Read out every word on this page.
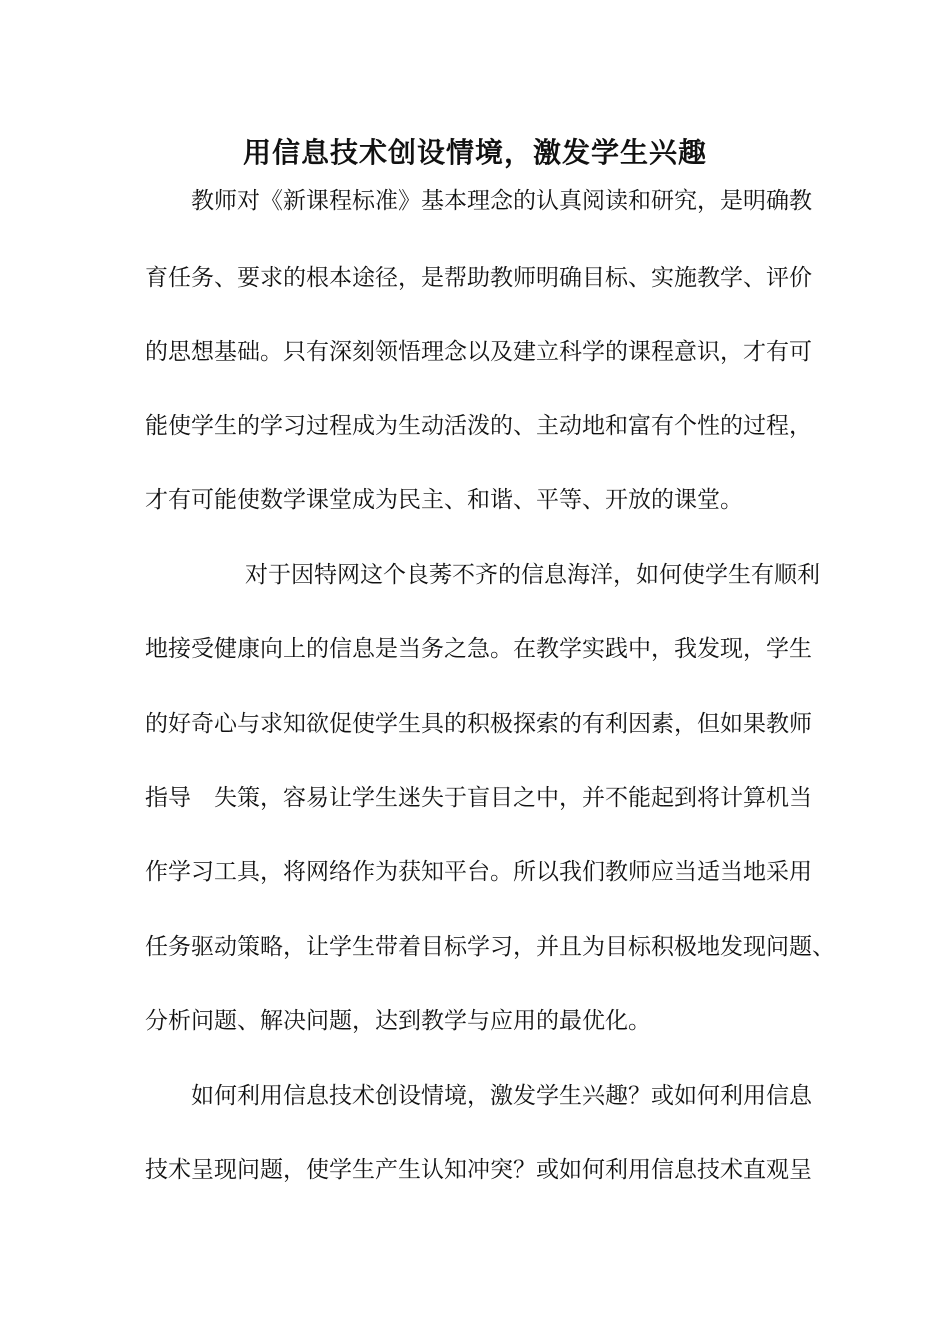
用信息技术创设情境，激发学生兴趣
教师对《新课程标准》基本理念的认真阅读和研究，是明确教
育任务、要求的根本途径，是帮助教师明确目标、实施教学、评价
的思想基础。只有深刻领悟理念以及建立科学的课程意识，才有可
能使学生的学习过程成为生动活泼的、主动地和富有个性的过程，
才有可能使数学课堂成为民主、和谐、平等、开放的课堂。
对于因特网这个良莠不齐的信息海洋，如何使学生有顺利
地接受健康向上的信息是当务之急。在教学实践中，我发现，学生
的好奇心与求知欲促使学生具的积极探索的有利因素，但如果教师
指导　失策，容易让学生迷失于盲目之中，并不能起到将计算机当
作学习工具，将网络作为获知平台。所以我们教师应当适当地采用
任务驱动策略，让学生带着目标学习，并且为目标积极地发现问题、
分析问题、解决问题，达到教学与应用的最优化。
如何利用信息技术创设情境，激发学生兴趣？或如何利用信息
技术呈现问题，使学生产生认知冲突？或如何利用信息技术直观呈
